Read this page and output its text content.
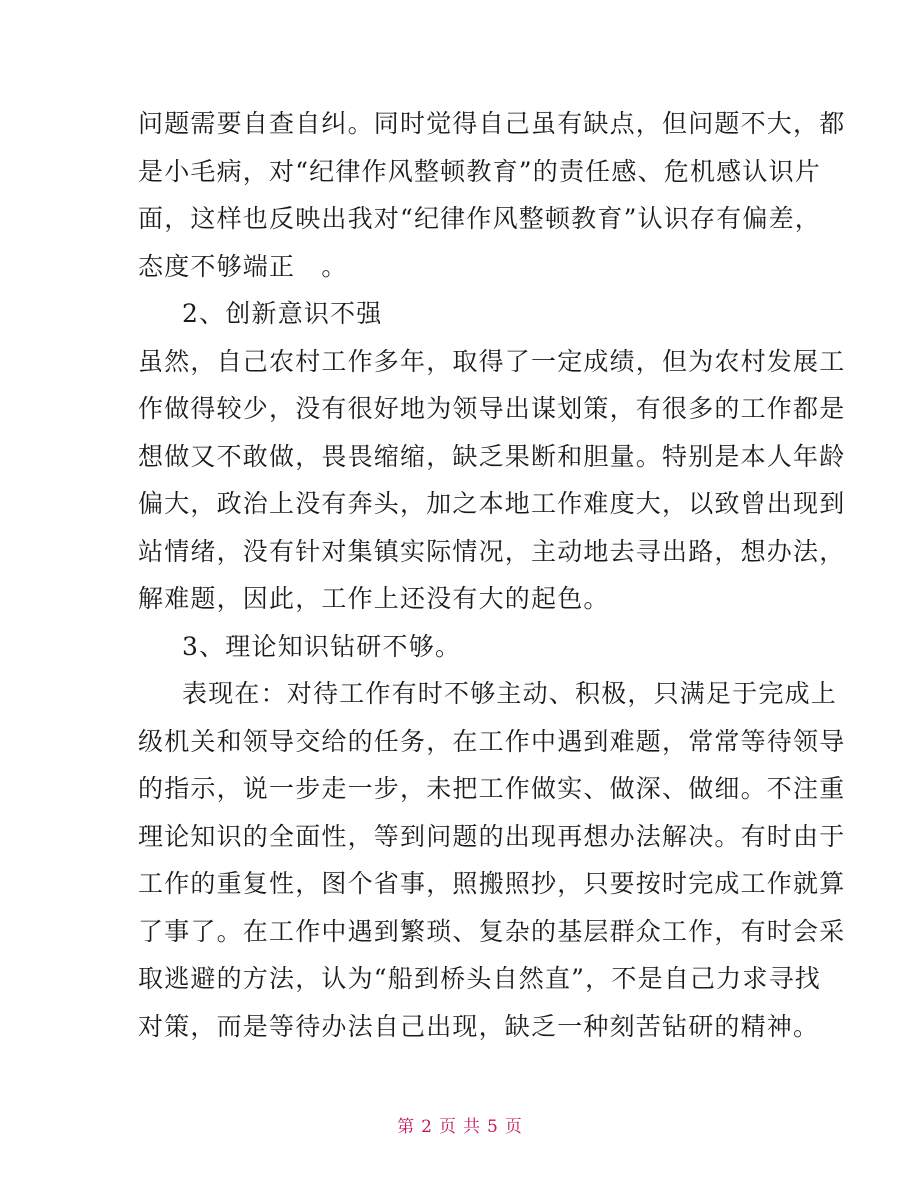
问题需要自查自纠。同时觉得自己虽有缺点，但问题不大，都
是小毛病，对“纪律作风整顿教育”的责任感、危机感认识片
面，这样也反映出我对“纪律作风整顿教育”认识存有偏差，
态度不够端正　。
2、创新意识不强
虽然，自己农村工作多年，取得了一定成绩，但为农村发展工
作做得较少，没有很好地为领导出谋划策，有很多的工作都是
想做又不敢做，畏畏缩缩，缺乏果断和胆量。特别是本人年龄
偏大，政治上没有奔头，加之本地工作难度大，以致曾出现到
站情绪，没有针对集镇实际情况，主动地去寻出路，想办法，
解难题，因此，工作上还没有大的起色。
3、理论知识钻研不够。
表现在：对待工作有时不够主动、积极，只满足于完成上
级机关和领导交给的任务，在工作中遇到难题，常常等待领导
的指示，说一步走一步，未把工作做实、做深、做细。不注重
理论知识的全面性，等到问题的出现再想办法解决。有时由于
工作的重复性，图个省事，照搬照抄，只要按时完成工作就算
了事了。在工作中遇到繁琐、复杂的基层群众工作，有时会采
取逃避的方法，认为“船到桥头自然直”，不是自己力求寻找
对策，而是等待办法自己出现，缺乏一种刻苦钻研的精神。
第 2 页 共 5 页
